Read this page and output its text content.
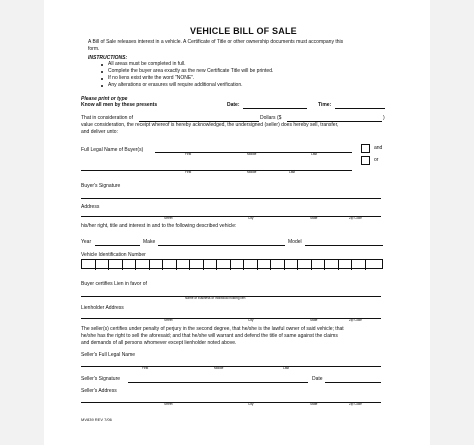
VEHICLE BILL OF SALE
A Bill of Sale releases interest in a vehicle. A Certificate of Title or other ownership documents must accompany this
form.
INSTRUCTIONS:
All areas must be completed in full.
Complete the buyer area exactly as the new Certificate Title will be printed.
If no liens exist write the word "NONE".
Any alterations or erasures will require additional verification.
Please print or type
Know all men by these presents	Date:	Time:
That in consideration of	Dollars ($	)
value consideration, the receipt whereof is hereby acknowledged, the undersigned (seller) does hereby sell, transfer,
and deliver unto:
Full Legal Name of Buyer(s)
First	Middle	Last
First	Middle	Last
and
or
Buyer's Signature
Address
Street	City	State	Zip Code
his/her right, title and interest in and to the following described vehicle:
Year	Make	Model
Vehicle Identification Number
Buyer certifies Lien in favor of
Name of business or individual holding lien
Lienholder Address
Street	City	State	Zip Code
The seller(s) certifies under penalty of perjury in the second degree, that he/she is the lawful owner of said vehicle; that
he/she has the right to sell the aforesaid; and that he/she will warrant and defend the title of same against the claims
and demands of all persons whomever except lienholder noted above.
Seller's Full Legal Name
First	Middle	Last
Seller's Signature	Date
Seller's Address
Street	City	State	Zip Code
MV839 REV 7/06
